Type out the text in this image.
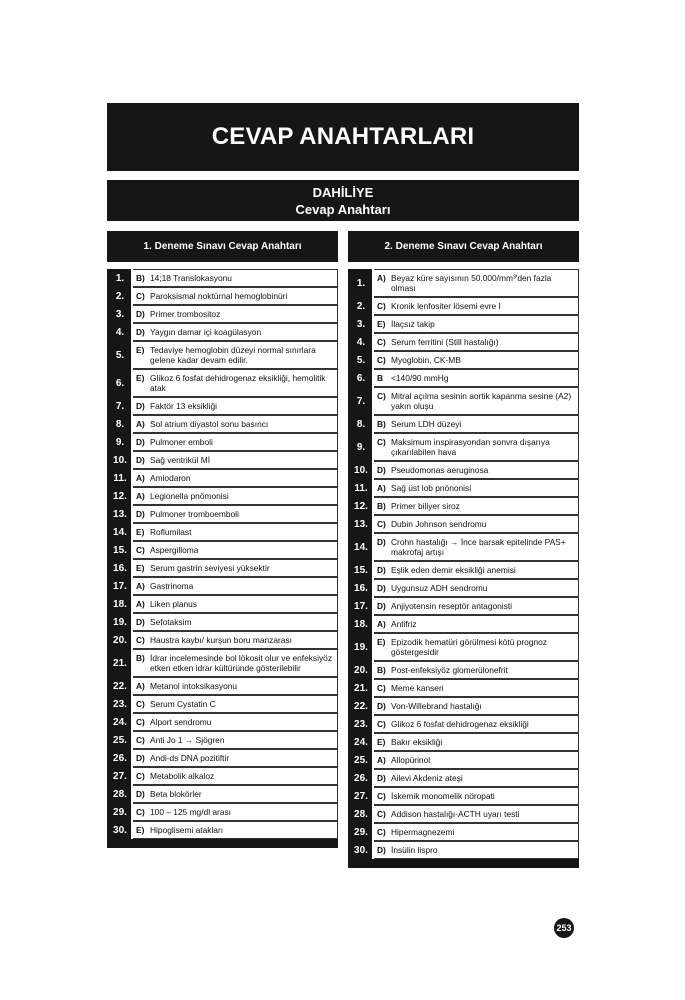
CEVAP ANAHTARLARI
DAHİLİYE
Cevap Anahtarı
1. Deneme Sınavı Cevap Anahtarı
1.	B) 14;18 Translokasyonu
2.	C) Paroksismal noktürnal hemoglobinüri
3.	D) Primer trombositoz
4.	D) Yaygın damar içi koagülasyon
5.	E) Tedaviye hemoglobin düzeyi normal sınırlara gelene kadar devam edilir.
6.	E) Glikoz 6 fosfat dehidrogenaz eksikliği, hemolitik atak
7.	D) Faktör 13 eksikliği
8.	A) Sol atrium diyastol sonu basıncı
9.	D) Pulmoner emboli
10.	D) Sağ ventrikül Mİ
11.	A) Amiodaron
12.	A) Legionella pnömonisi
13.	D) Pulmoner tromboemboli
14.	E) Roflumilast
15.	C) Aspergilloma
16.	E) Serum gastrin seviyesi yüksektir
17.	A) Gastrinoma
18.	A) Liken planus
19.	D) Sefotaksim
20.	C) Haustra kaybı/ kurşun boru manzarası
21.	B) İdrar incelemesinde bol lökosit olur ve enfeksiyöz etken etken idrar kültüründe gösterilebilir
22.	A) Metanol intoksikasyonu
23.	C) Serum Cystatin C
24.	C) Alport sendromu
25.	C) Anti Jo 1 → Sjögren
26.	D) Andi-ds DNA pozitiftir
27.	C) Metabolik alkaloz
28.	D) Beta blokörler
29.	C) 100 – 125 mg/dl arası
30.	E) Hipoglisemi atakları
2. Deneme Sınavı Cevap Anahtarı
1.	A) Beyaz küre sayısının 50.000/mm³'den fazla olması
2.	C) Kronik lenfositer lösemi evre I
3.	E) İlaçsız takip
4.	C) Serum ferritini (Still hastalığı)
5.	C) Myoglobin, CK-MB
6.	B <140/90 mmHg
7.	C) Mitral açılma sesinin aortik kapanma sesine (A2) yakın oluşu
8.	B) Serum LDH düzeyi
9.	C) Maksimum inspirasyondan sonvra dışarıya çıkarılabilen hava
10.	D) Pseudomonas aeruginosa
11.	A) Sağ üst lob pnönonisi
12.	B) Primer biliyer siroz
13.	C) Dubin Johnson sendromu
14.	D) Crohn hastalığı → İnce barsak epitelinde PAS+ makrofaj artışı
15.	D) Eşlik eden demir eksikliği anemisi
16.	D) Uygunsuz ADH sendromu
17.	D) Anjiyotensin reseptör antagonisti
18.	A) Antifriz
19.	E) Epizodik hematüri görülmesi kötü prognoz göstergesidir
20.	B) Post-enfeksiyöz glomerülonefrit
21.	C) Meme kanseri
22.	D) Von-Willebrand hastalığı
23.	C) Glikoz 6 fosfat dehidrogenaz eksikliği
24.	E) Bakır eksikliği
25.	A) Allopürinol
26.	D) Ailevi Akdeniz ateşi
27.	C) İskemik monomelik nöropati
28.	C) Addison hastalığı-ACTH uyarı testi
29.	C) Hipermagnezemi
30.	D) İnsülin lispro
253
